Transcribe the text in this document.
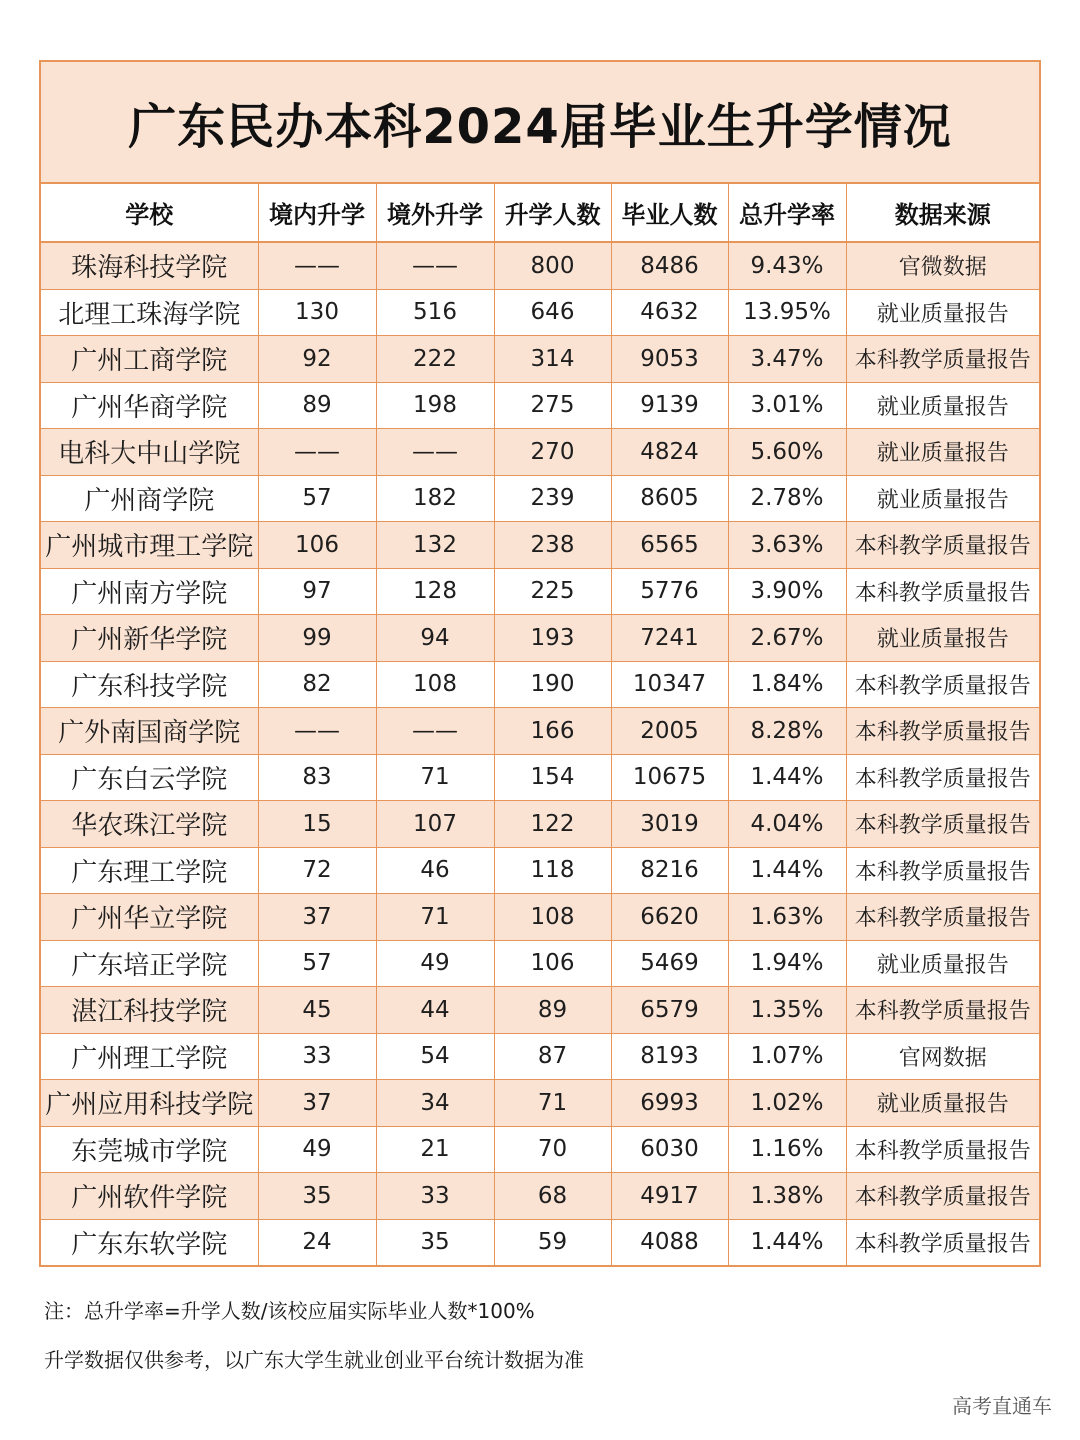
广东民办本科2024届毕业生升学情况
学校	境内升学	境外升学	升学人数	毕业人数	总升学率	数据来源
珠海科技学院	——	——	800	8486	9.43%	官微数据
北理工珠海学院	130	516	646	4632	13.95%	就业质量报告
广州工商学院	92	222	314	9053	3.47%	本科教学质量报告
广州华商学院	89	198	275	9139	3.01%	就业质量报告
电科大中山学院	——	——	270	4824	5.60%	就业质量报告
广州商学院	57	182	239	8605	2.78%	就业质量报告
广州城市理工学院	106	132	238	6565	3.63%	本科教学质量报告
广州南方学院	97	128	225	5776	3.90%	本科教学质量报告
广州新华学院	99	94	193	7241	2.67%	就业质量报告
广东科技学院	82	108	190	10347	1.84%	本科教学质量报告
广外南国商学院	——	——	166	2005	8.28%	本科教学质量报告
广东白云学院	83	71	154	10675	1.44%	本科教学质量报告
华农珠江学院	15	107	122	3019	4.04%	本科教学质量报告
广东理工学院	72	46	118	8216	1.44%	本科教学质量报告
广州华立学院	37	71	108	6620	1.63%	本科教学质量报告
广东培正学院	57	49	106	5469	1.94%	就业质量报告
湛江科技学院	45	44	89	6579	1.35%	本科教学质量报告
广州理工学院	33	54	87	8193	1.07%	官网数据
广州应用科技学院	37	34	71	6993	1.02%	就业质量报告
东莞城市学院	49	21	70	6030	1.16%	本科教学质量报告
广州软件学院	35	33	68	4917	1.38%	本科教学质量报告
广东东软学院	24	35	59	4088	1.44%	本科教学质量报告
注：总升学率=升学人数/该校应届实际毕业人数*100%
升学数据仅供参考，以广东大学生就业创业平台统计数据为准
高考直通车
